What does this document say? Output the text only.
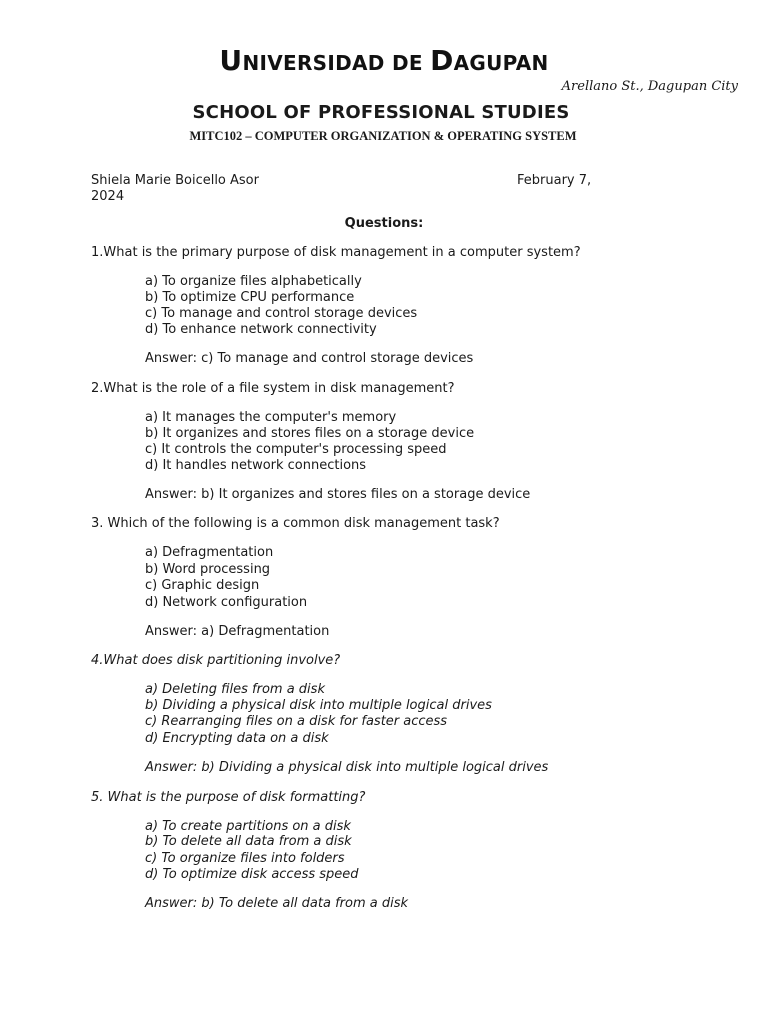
UNIVERSIDAD DE DAGUPAN
Arellano St., Dagupan City
SCHOOL OF PROFESSIONAL STUDIES
MITC102 – COMPUTER ORGANIZATION & OPERATING SYSTEM
Shiela Marie Boicello Asor	February 7,
2024
Questions:
1.What is the primary purpose of disk management in a computer system?
a) To organize files alphabetically
b) To optimize CPU performance
c) To manage and control storage devices
d) To enhance network connectivity
Answer: c) To manage and control storage devices
2.What is the role of a file system in disk management?
a) It manages the computer's memory
b) It organizes and stores files on a storage device
c) It controls the computer's processing speed
d) It handles network connections
Answer: b) It organizes and stores files on a storage device
3. Which of the following is a common disk management task?
a) Defragmentation
b) Word processing
c) Graphic design
d) Network configuration
Answer: a) Defragmentation
4.What does disk partitioning involve?
a) Deleting files from a disk
b) Dividing a physical disk into multiple logical drives
c) Rearranging files on a disk for faster access
d) Encrypting data on a disk
Answer: b) Dividing a physical disk into multiple logical drives
5. What is the purpose of disk formatting?
a) To create partitions on a disk
b) To delete all data from a disk
c) To organize files into folders
d) To optimize disk access speed
Answer: b) To delete all data from a disk
